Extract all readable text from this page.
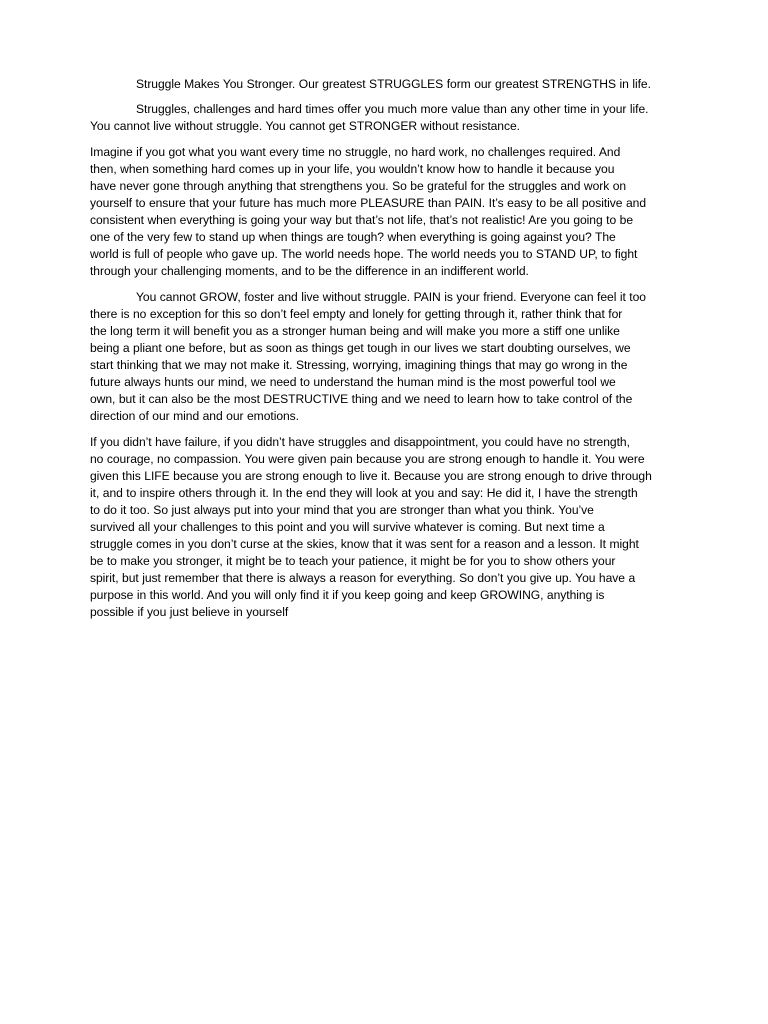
Struggle Makes You Stronger. Our greatest STRUGGLES form our greatest STRENGTHS in life.

Struggles, challenges and hard times offer you much more value than any other time in your life.
You cannot live without struggle. You cannot get STRONGER without resistance.

Imagine if you got what you want every time no struggle, no hard work, no challenges required. And
then, when something hard comes up in your life, you wouldn’t know how to handle it because you
have never gone through anything that strengthens you. So be grateful for the struggles and work on
yourself to ensure that your future has much more PLEASURE than PAIN. It’s easy to be all positive and
consistent when everything is going your way but that’s not life, that’s not realistic! Are you going to be
one of the very few to stand up when things are tough? when everything is going against you? The
world is full of people who gave up. The world needs hope. The world needs you to STAND UP, to fight
through your challenging moments, and to be the difference in an indifferent world.

You cannot GROW, foster and live without struggle. PAIN is your friend. Everyone can feel it too
there is no exception for this so don’t feel empty and lonely for getting through it, rather think that for
the long term it will benefit you as a stronger human being and will make you more a stiff one unlike
being a pliant one before, but as soon as things get tough in our lives we start doubting ourselves, we
start thinking that we may not make it. Stressing, worrying, imagining things that may go wrong in the
future always hunts our mind, we need to understand the human mind is the most powerful tool we
own, but it can also be the most DESTRUCTIVE thing and we need to learn how to take control of the
direction of our mind and our emotions.

If you didn’t have failure, if you didn’t have struggles and disappointment, you could have no strength,
no courage, no compassion. You were given pain because you are strong enough to handle it. You were
given this LIFE because you are strong enough to live it. Because you are strong enough to drive through
it, and to inspire others through it. In the end they will look at you and say: He did it, I have the strength
to do it too. So just always put into your mind that you are stronger than what you think. You’ve
survived all your challenges to this point and you will survive whatever is coming. But next time a
struggle comes in you don’t curse at the skies, know that it was sent for a reason and a lesson. It might
be to make you stronger, it might be to teach your patience, it might be for you to show others your
spirit, but just remember that there is always a reason for everything. So don’t you give up. You have a
purpose in this world. And you will only find it if you keep going and keep GROWING, anything is
possible if you just believe in yourself
